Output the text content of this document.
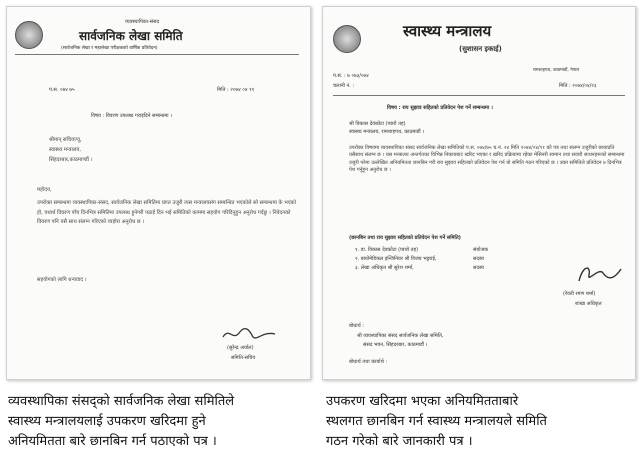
व्यवस्थापिका-संसद
सार्वजनिक लेखा समिति
(सार्वजनिक लेखा र महालेखा परीक्षकको वार्षिक प्रतिवेदन)
प.स. ०७४ ७५	मिति : २०७४ ०४ ११
विषय : विवरण उपलब्ध गराइदिने सम्बन्धमा ।
श्रीमान् सचिवज्यू,
स्वास्थ्य मन्त्रालय,
सिंहदरबार,काठमाण्डौं ।
महोदय,
उपरोक्त सम्बन्धमा व्यवस्थापिका-संसद, सार्वजनिक लेखा समितिमा प्राप्त उजुरी त्यस मन्त्रालयसंग सम्बन्धित भएकोले सो सम्बन्धमा के भएको हो, यथार्थ विवरण पाँच दिनभित्र समितिमा उपलब्ध हुनेगरी पठाई दिन भई समितिको काममा सहयोग गरिदिनुहुन अनुरोध गर्दछु । निवेदनको विवरण पनि यसै साथ संलग्न गरिएको व्यहोरा अनुरोध छ ।
सहयोगको लागि धन्यवाद ।
(सुरेन्द्र अर्याल)
समिति-सचिव
स्वास्थ्य मन्त्रालय
(सुशासन इकाई)
प.सं. : ७ ०७३/०७४
चलानी नं. :
रामशाहपथ, काठमाडौं, नेपाल
मिति : २०७४/०४/२३
विषय : राय सुझाव सहितको प्रतिवेदन पेश गर्ने सम्बन्धमा ।
श्री विकास देवकोटा (प्यारो तह)
स्वास्थ्य मन्त्रालय, रामशाहपथ, काठमाडौं ।
उपरोक्त विषयमा व्यवस्थापिका संसद सार्वजनिक लेखा समितिको प.स. ०७४/७५ च.नं. २४ मिति २०७४/०४/११ को पत्र तथा संलग्न उजुरीको छायाप्रति यसैसाथ संलग्न छ । यस मन्त्रालय अन्तर्गतका विभिन्न निकायबाट खरिद भएका र खरिद प्रक्रियामा रहेका मेसिनरी सामान तथा सवारी साधनहरूको सम्बन्धमा उजुरी परेमा उल्लेखित अनियमितता छानबिन गरी राय सुझाव सहितको प्रतिवेदन पेश गर्न यो समिति गठन गरिएको छ । उक्त समितिले प्रतिवेदन ७ दिनभित्र पेश गर्नुहुन अनुरोध छ ।
(छानबिन तथा राय सुझाव सहितको प्रतिवेदन पेश गर्ने समिति)
१. डा. विकास देवकोटा (प्यारो तह)	संयोजक
२. बायोमेडिकल इन्जिनियर श्री विजय भट्टराई,	सदस्य
३. लेखा अधिकृत श्री सुरेश शर्मा,	सदस्य
(रेवती रमण शर्मा)
शाखा अधिकृत
बोधार्थ :
श्री व्यवस्थापिका संसद सार्वजनिक लेखा समिति,
संसद भवन, सिंहदरबार, काठमाडौं ।
बोधार्थ तथा कार्यार्थ :
व्यवस्थापिका संसद्को सार्वजनिक लेखा समितिले
स्वास्थ्य मन्त्रालयलाई उपकरण खरिदमा हुने
अनियमितता बारे छानबिन गर्न पठाएको पत्र ।
उपकरण खरिदमा भएका अनियमितताबारे
स्थलगत छानबिन गर्न स्वास्थ्य मन्त्रालयले समिति
गठन गरेको बारे जानकारी पत्र ।
